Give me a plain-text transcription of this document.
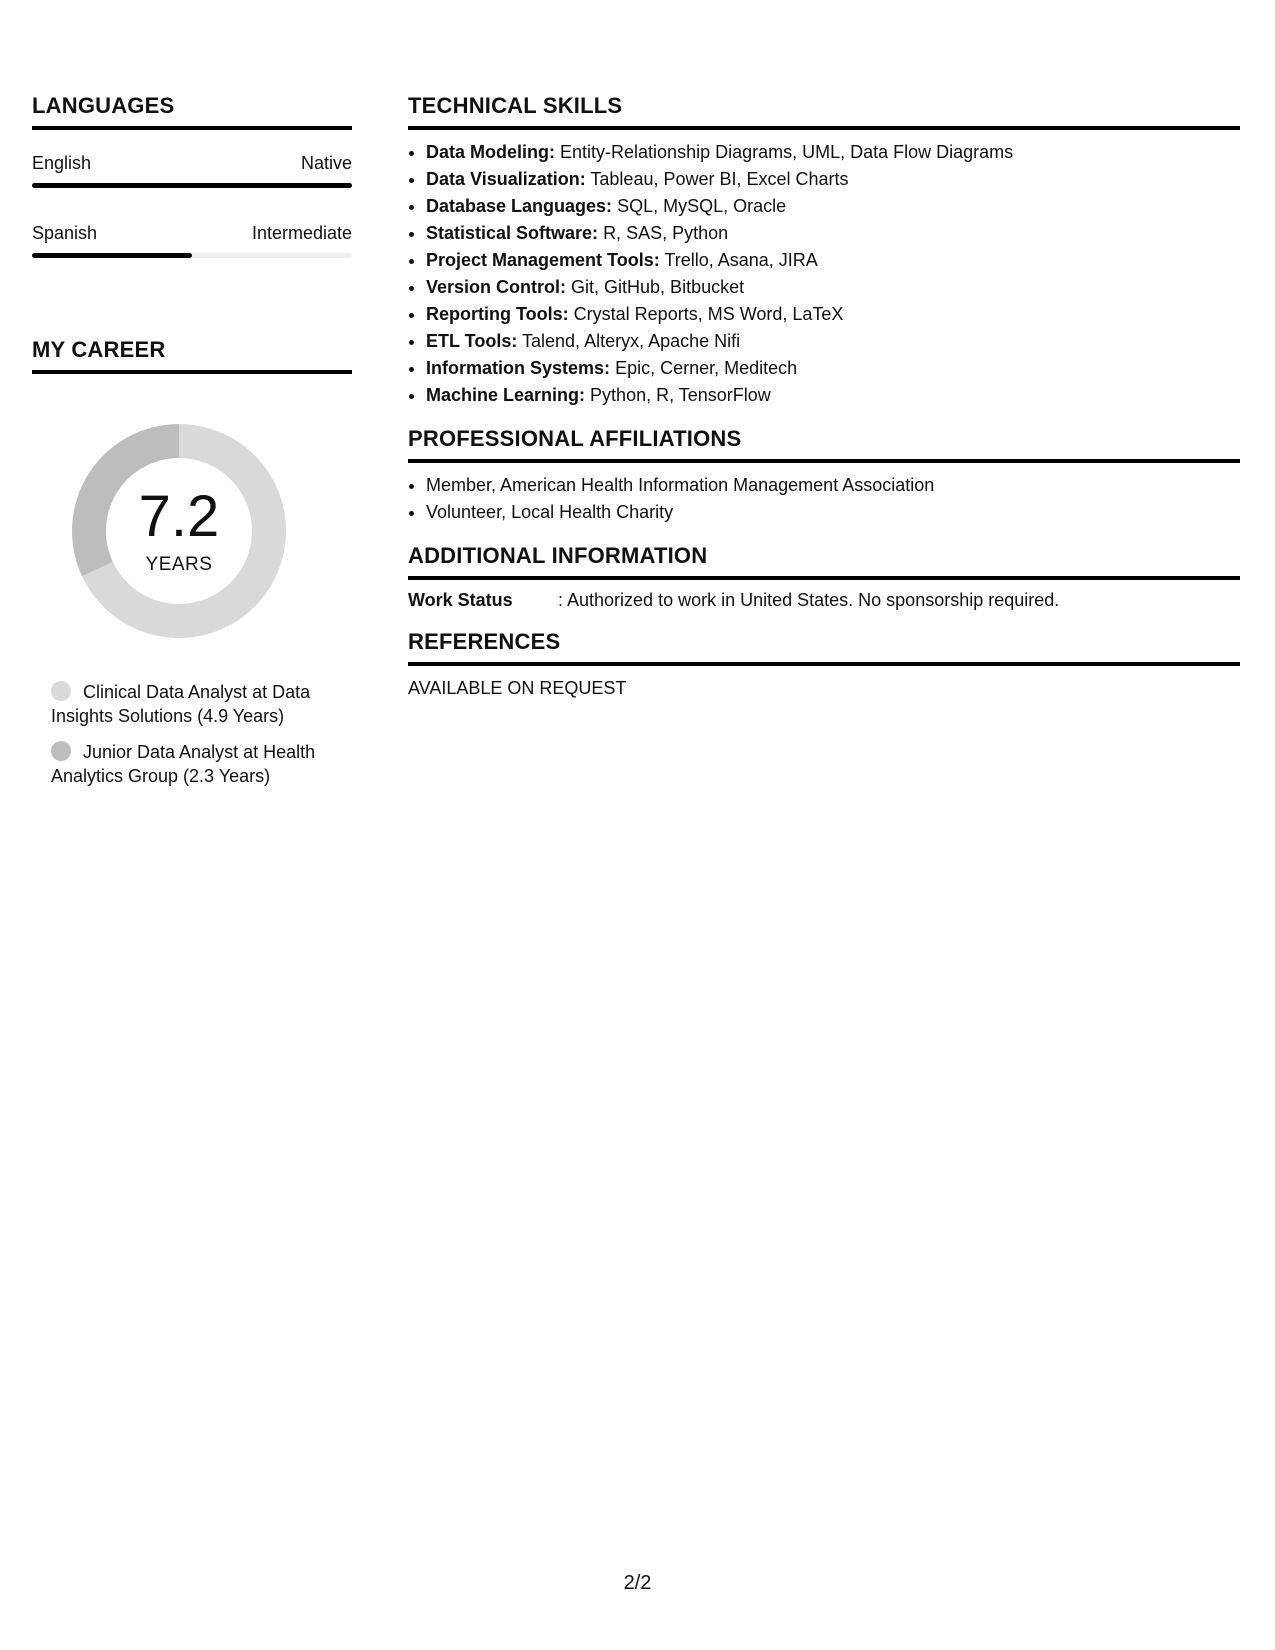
LANGUAGES
English	Native
Spanish	Intermediate
MY CAREER
7.2
YEARS
Clinical Data Analyst at Data Insights Solutions (4.9 Years)
Junior Data Analyst at Health Analytics Group (2.3 Years)
TECHNICAL SKILLS
• Data Modeling: Entity-Relationship Diagrams, UML, Data Flow Diagrams
• Data Visualization: Tableau, Power BI, Excel Charts
• Database Languages: SQL, MySQL, Oracle
• Statistical Software: R, SAS, Python
• Project Management Tools: Trello, Asana, JIRA
• Version Control: Git, GitHub, Bitbucket
• Reporting Tools: Crystal Reports, MS Word, LaTeX
• ETL Tools: Talend, Alteryx, Apache Nifi
• Information Systems: Epic, Cerner, Meditech
• Machine Learning: Python, R, TensorFlow
PROFESSIONAL AFFILIATIONS
• Member, American Health Information Management Association
• Volunteer, Local Health Charity
ADDITIONAL INFORMATION
Work Status	: Authorized to work in United States. No sponsorship required.
REFERENCES
AVAILABLE ON REQUEST
2/2
